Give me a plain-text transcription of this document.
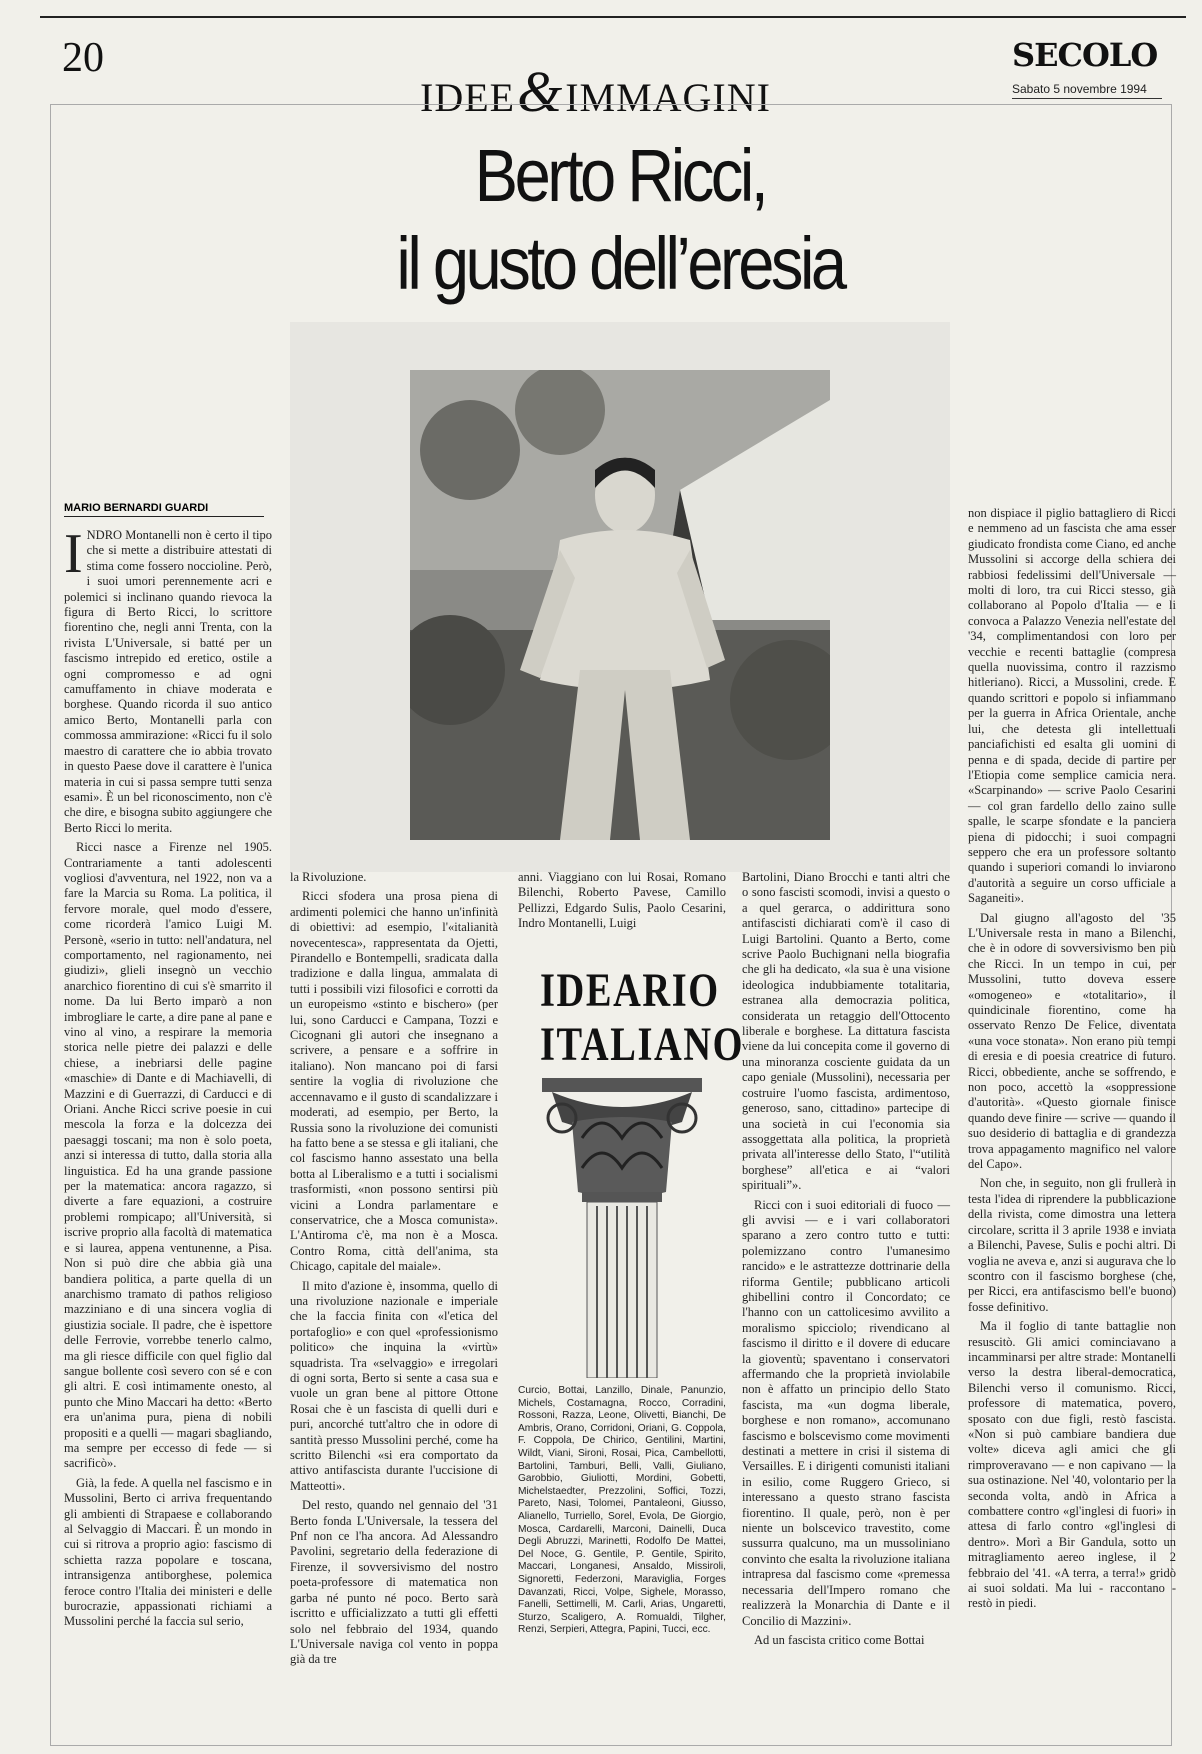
20
IDEE&IMMAGINI
SECOLO
Sabato 5 novembre 1994
Berto Ricci,
il gusto dell’eresia
MARIO BERNARDI GUARDI

INDRO Montanelli non è certo il tipo che si mette a distribuire attestati di stima come fossero noccioline. Però, i suoi umori perennemente acri e polemici si inclinano quando rievoca la figura di Berto Ricci, lo scrittore fiorentino che, negli anni Trenta, con la rivista L'Universale, si batté per un fascismo intrepido ed eretico, ostile a ogni compromesso e ad ogni camuffamento in chiave moderata e borghese. Quando ricorda il suo antico amico Berto, Montanelli parla con commossa ammirazione: «Ricci fu il solo maestro di carattere che io abbia trovato in questo Paese dove il carattere è l'unica materia in cui si passa sempre tutti senza esami». È un bel riconoscimento, non c'è che dire, e bisogna subito aggiungere che Berto Ricci lo merita.

Ricci nasce a Firenze nel 1905. Contrariamente a tanti adolescenti vogliosi d'avventura, nel 1922, non va a fare la Marcia su Roma. La politica, il fervore morale, quel modo d'essere, come ricorderà l'amico Luigi M. Personè, «serio in tutto: nell'andatura, nel comportamento, nel ragionamento, nei giudizi», glieli insegnò un vecchio anarchico fiorentino di cui s'è smarrito il nome. Da lui Berto imparò a non imbrogliare le carte, a dire pane al pane e vino al vino, a respirare la memoria storica nelle pietre dei palazzi e delle chiese, a inebriarsi delle pagine «maschie» di Dante e di Machiavelli, di Mazzini e di Guerrazzi, di Carducci e di Oriani. Anche Ricci scrive poesie in cui mescola la forza e la dolcezza dei paesaggi toscani; ma non è solo poeta, anzi si interessa di tutto, dalla storia alla linguistica. Ed ha una grande passione per la matematica: ancora ragazzo, si diverte a fare equazioni, a costruire problemi rompicapo; all'Università, si iscrive proprio alla facoltà di matematica e si laurea, appena ventunenne, a Pisa. Non si può dire che abbia già una bandiera politica, a parte quella di un anarchismo tramato di pathos religioso mazziniano e di una sincera voglia di giustizia sociale. Il padre, che è ispettore delle Ferrovie, vorrebbe tenerlo calmo, ma gli riesce difficile con quel figlio dal sangue bollente così severo con sé e con gli altri. E così intimamente onesto, al punto che Mino Maccari ha detto: «Berto era un'anima pura, piena di nobili propositi e a quelli — magari sbagliando, ma sempre per eccesso di fede — si sacrificò».

Già, la fede. A quella nel fascismo e in Mussolini, Berto ci arriva frequentando gli ambienti di Strapaese e collaborando al Selvaggio di Maccari. È un mondo in cui si ritrova a proprio agio: fascismo di schietta razza popolare e toscana, intransigenza antiborghese, polemica feroce contro l'Italia dei ministeri e delle burocrazie, appassionati richiami a Mussolini perché la faccia sul serio,

la Rivoluzione.

Ricci sfodera una prosa piena di ardimenti polemici che hanno un'infinità di obiettivi: ad esempio, l'«italianità novecentesca», rappresentata da Ojetti, Pirandello e Bontempelli, sradicata dalla tradizione e dalla lingua, ammalata di tutti i possibili vizi filosofici e corrotti da un europeismo «stinto e bischero» (per lui, sono Carducci e Campana, Tozzi e Cicognani gli autori che insegnano a scrivere, a pensare e a soffrire in italiano). Non mancano poi di farsi sentire la voglia di rivoluzione che accennavamo e il gusto di scandalizzare i moderati, ad esempio, per Berto, la Russia sono la rivoluzione dei comunisti ha fatto bene a se stessa e gli italiani, che col fascismo hanno assestato una bella botta al Liberalismo e a tutti i socialismi trasformisti, «non possono sentirsi più vicini a Londra parlamentare e conservatrice, che a Mosca comunista». L'Antiroma c'è, ma non è a Mosca. Contro Roma, città dell'anima, sta Chicago, capitale del maiale».

Il mito d'azione è, insomma, quello di una rivoluzione nazionale e imperiale che la faccia finita con «l'etica del portafoglio» e con quel «professionismo politico» che inquina la «virtù» squadrista. Tra «selvaggio» e irregolari di ogni sorta, Berto si sente a casa sua e vuole un gran bene al pittore Ottone Rosai che è un fascista di quelli duri e puri, ancorché tutt'altro che in odore di santità presso Mussolini perché, come ha scritto Bilenchi «si era comportato da attivo antifascista durante l'uccisione di Matteotti».

Del resto, quando nel gennaio del '31 Berto fonda L'Universale, la tessera del Pnf non ce l'ha ancora. Ad Alessandro Pavolini, segretario della federazione di Firenze, il sovversivismo del nostro poeta-professore di matematica non garba né punto né poco. Berto sarà iscritto e ufficializzato a tutti gli effetti solo nel febbraio del 1934, quando L'Universale naviga col vento in poppa già da tre

anni. Viaggiano con lui Rosai, Romano Bilenchi, Roberto Pavese, Camillo Pellizzi, Edgardo Sulis, Paolo Cesarini, Indro Montanelli, Luigi

IDEARIO
ITALIANO
Curcio, Bottai, Lanzillo, Dinale, Panunzio, Michels, Costamagna, Rocco, Corradini, Rossoni, Razza, Leone, Olivetti, Bianchi, De Ambris, Orano, Corridoni, Oriani, G. Coppola, F. Coppola, De Chirico, Gentilini, Martini, Wildt, Viani, Sironi, Rosai, Pica, Cambellotti, Bartolini, Tamburi, Belli, Valli, Giuliano, Garobbio, Giuliotti, Mordini, Gobetti, Michelstaedter, Prezzolini, Soffici, Tozzi, Pareto, Nasi, Tolomei, Pantaleoni, Giusso, Alianello, Turriello, Sorel, Evola, De Giorgio, Mosca, Cardarelli, Marconi, Dainelli, Duca Degli Abruzzi, Marinetti, Rodolfo De Mattei, Del Noce, G. Gentile, P. Gentile, Spirito, Maccari, Longanesi, Ansaldo, Missiroli, Signoretti, Federzoni, Maraviglia, Forges Davanzati, Ricci, Volpe, Sighele, Morasso, Fanelli, Settimelli, M. Carli, Arias, Ungaretti, Sturzo, Scaligero, A. Romualdi, Tilgher, Renzi, Serpieri, Attegra, Papini, Tucci, ecc.

Bartolini, Diano Brocchi e tanti altri che o sono fascisti scomodi, invisi a questo o a quel gerarca, o addirittura sono antifascisti dichiarati com'è il caso di Luigi Bartolini. Quanto a Berto, come scrive Paolo Buchignani nella biografia che gli ha dedicato, «la sua è una visione ideologica indubbiamente totalitaria, estranea alla democrazia politica, considerata un retaggio dell'Ottocento liberale e borghese. La dittatura fascista viene da lui concepita come il governo di una minoranza cosciente guidata da un capo geniale (Mussolini), necessaria per costruire l'uomo fascista, ardimentoso, generoso, sano, cittadino» partecipe di una società in cui l'economia sia assoggettata alla politica, la proprietà privata all'interesse dello Stato, l'“utilità borghese” all'etica e ai “valori spirituali”».

Ricci con i suoi editoriali di fuoco — gli avvisi — e i vari collaboratori sparano a zero contro tutto e tutti: polemizzano contro l'umanesimo rancido» e le astrattezze dottrinarie della riforma Gentile; pubblicano articoli ghibellini contro il Concordato; ce l'hanno con un cattolicesimo avvilito a moralismo spicciolo; rivendicano al fascismo il diritto e il dovere di educare la gioventù; spaventano i conservatori affermando che la proprietà inviolabile non è affatto un principio dello Stato fascista, ma «un dogma liberale, borghese e non romano», accomunano fascismo e bolscevismo come movimenti destinati a mettere in crisi il sistema di Versailles. E i dirigenti comunisti italiani in esilio, come Ruggero Grieco, si interessano a questo strano fascista fiorentino. Il quale, però, non è per niente un bolscevico travestito, come sussurra qualcuno, ma un mussoliniano convinto che esalta la rivoluzione italiana intrapresa dal fascismo come «premessa necessaria dell'Impero romano che realizzerà la Monarchia di Dante e il Concilio di Mazzini».

Ad un fascista critico come Bottai

non dispiace il piglio battagliero di Ricci e nemmeno ad un fascista che ama esser giudicato frondista come Ciano, ed anche Mussolini si accorge della schiera dei rabbiosi fedelissimi dell'Universale — molti di loro, tra cui Ricci stesso, già collaborano al Popolo d'Italia — e li convoca a Palazzo Venezia nell'estate del '34, complimentandosi con loro per vecchie e recenti battaglie (compresa quella nuovissima, contro il razzismo hitleriano). Ricci, a Mussolini, crede. E quando scrittori e popolo si infiammano per la guerra in Africa Orientale, anche lui, che detesta gli intellettuali panciafichisti ed esalta gli uomini di penna e di spada, decide di partire per l'Etiopia come semplice camicia nera. «Scarpinando» — scrive Paolo Cesarini — col gran fardello dello zaino sulle spalle, le scarpe sfondate e la panciera piena di pidocchi; i suoi compagni seppero che era un professore soltanto quando i superiori comandi lo inviarono d'autorità a seguire un corso ufficiale a Saganeiti».

Dal giugno all'agosto del '35 L'Universale resta in mano a Bilenchi, che è in odore di sovversivismo ben più che Ricci. In un tempo in cui, per Mussolini, tutto doveva essere «omogeneo» e «totalitario», il quindicinale fiorentino, come ha osservato Renzo De Felice, diventata «una voce stonata». Non erano più tempi di eresia e di poesia creatrice di futuro. Ricci, obbediente, anche se soffrendo, e non poco, accettò la «soppressione d'autorità». «Questo giornale finisce quando deve finire — scrive — quando il suo desiderio di battaglia e di grandezza trova appagamento magnifico nel valore del Capo».

Non che, in seguito, non gli frullerà in testa l'idea di riprendere la pubblicazione della rivista, come dimostra una lettera circolare, scritta il 3 aprile 1938 e inviata a Bilenchi, Pavese, Sulis e pochi altri. Di voglia ne aveva e, anzi si augurava che lo scontro con il fascismo borghese (che, per Ricci, era antifascismo bell'e buono) fosse definitivo.

Ma il foglio di tante battaglie non resuscitò. Gli amici cominciavano a incamminarsi per altre strade: Montanelli verso la destra liberal-democratica, Bilenchi verso il comunismo. Ricci, professore di matematica, povero, sposato con due figli, restò fascista. «Non si può cambiare bandiera due volte» diceva agli amici che gli rimproveravano — e non capivano — la sua ostinazione. Nel '40, volontario per la seconda volta, andò in Africa a combattere contro «gl'inglesi di fuori» in attesa di farlo contro «gl'inglesi di dentro». Morì a Bir Gandula, sotto un mitragliamento aereo inglese, il 2 febbraio del '41. «A terra, a terra!» gridò ai suoi soldati. Ma lui - raccontano - restò in piedi.
